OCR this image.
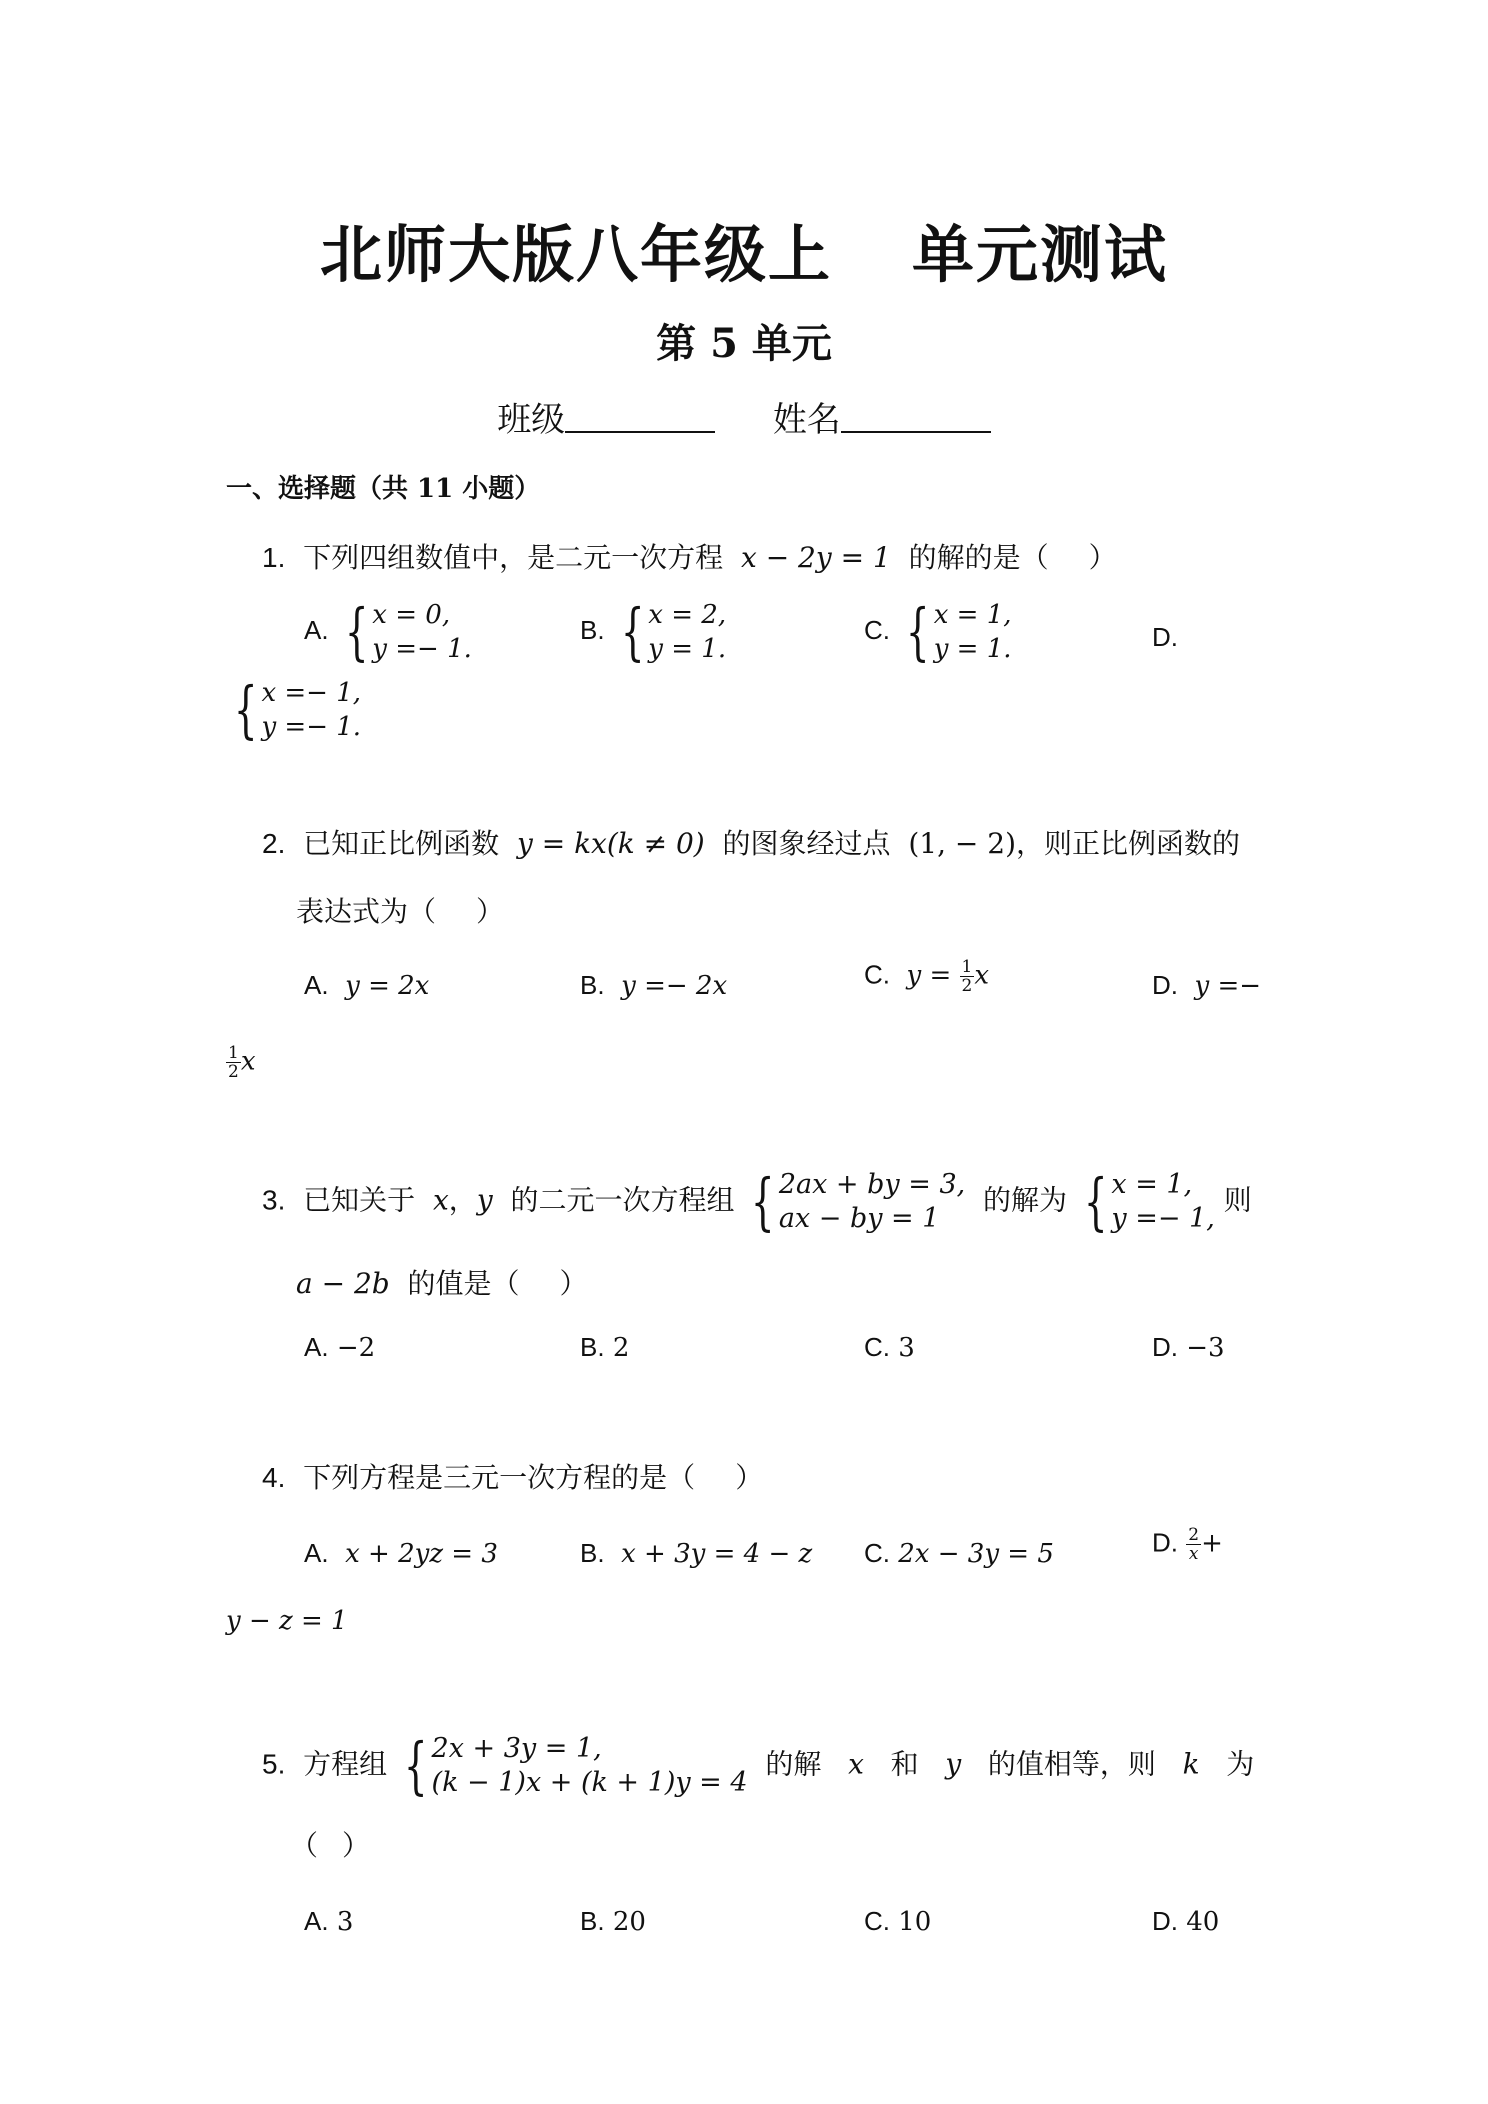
北师大版八年级上 单元测试
第 5 单元
班级	姓名
一、选择题（共 11 小题）
1. 下列四组数值中，是二元一次方程 x − 2y = 1 的解的是（ ）
A. { x = 0,
y =− 1.
B. { x = 2,
y = 1.
C. { x = 1,
y = 1.	D.
{ x =− 1,
y =− 1.
2. 已知正比例函数 y = kx(k ≠ 0) 的图象经过点 (1, − 2)，则正比例函数的
表达式为（ ）
A. y = 2x	B. y =− 2x	C. $y = \frac{1}{2}$ x	D. y =−
$\frac{1}{2}$ x
3. 已知关于 x，y 的二元一次方程组 { 2ax + by = 3,
ax − by = 1
的解为 { x = 1,
y =− 1,
则
a − 2b 的值是（ ）
A. −2	B. 2	C. 3	D. −3
4. 下列方程是三元一次方程的是（ ）
A. x + 2yz = 3	B. x + 3y = 4 − z C. 2x − 3y = 5	D. $\frac{2}{x}$ +
y − z = 1
5. 方程组 { 2x + 3y = 1,
(k − 1)x + (k + 1)y = 4
的解 x 和 y 的值相等，则 k 为
（ ）
A. 3	B. 20	C. 10	D. 40
